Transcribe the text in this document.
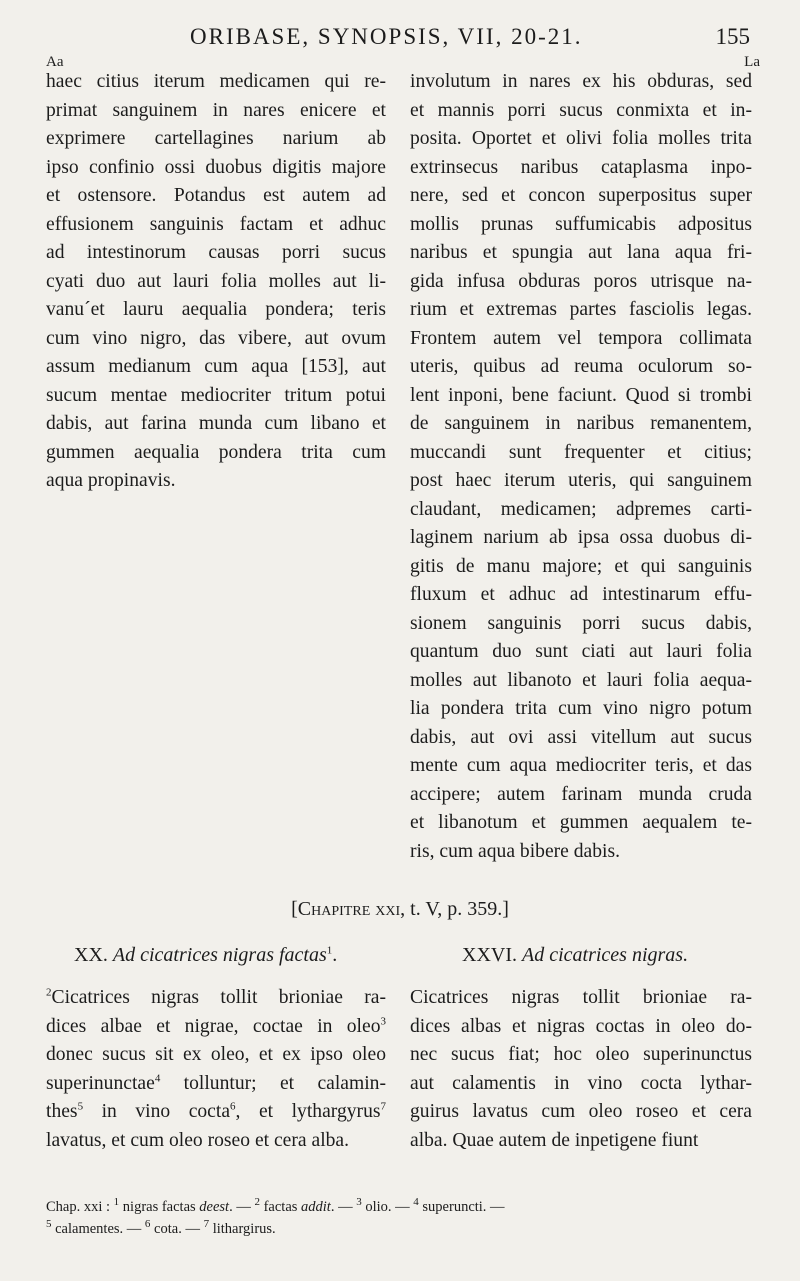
ORIBASE, SYNOPSIS, VII, 20-21.	155
Aa	La
haec citius iterum medicamen qui re-
primat sanguinem in nares enicere et
exprimere cartellagines narium ab
ipso confinio ossi duobus digitis majore
et ostensore. Potandus est autem ad
effusionem sanguinis factam et adhuc
ad intestinorum causas porri sucus
cyati duo aut lauri folia molles aut li-
vanu´et lauru aequalia pondera; teris
cum vino nigro, das vibere, aut ovum
assum medianum cum aqua [153], aut
sucum mentae mediocriter tritum potui
dabis, aut farina munda cum libano et
gummen aequalia pondera trita cum
aqua propinavis.
involutum in nares ex his obduras, sed
et mannis porri sucus conmixta et in-
posita. Oportet et olivi folia molles trita
extrinsecus naribus cataplasma inpo-
nere, sed et concon superpositus super
mollis prunas suffumicabis adpositus
naribus et spungia aut lana aqua fri-
gida infusa obduras poros utrisque na-
rium et extremas partes fasciolis legas.
Frontem autem vel tempora collimata
uteris, quibus ad reuma oculorum so-
lent inponi, bene faciunt. Quod si trombi
de sanguinem in naribus remanentem,
muccandi sunt frequenter et citius;
post haec iterum uteris, qui sanguinem
claudant, medicamen; adpremes carti-
laginem narium ab ipsa ossa duobus di-
gitis de manu majore; et qui sanguinis
fluxum et adhuc ad intestinarum effu-
sionem sanguinis porri sucus dabis,
quantum duo sunt ciati aut lauri folia
molles aut libanoto et lauri folia aequa-
lia pondera trita cum vino nigro potum
dabis, aut ovi assi vitellum aut sucus
mente cum aqua mediocriter teris, et das
accipere; autem farinam munda cruda
et libanotum et gummen aequalem te-
ris, cum aqua bibere dabis.
[Chapitre xxi, t. V, p. 359.]
XX. Ad cicatrices nigras factas$^1$.	XXVI. Ad cicatrices nigras.
$^2$Cicatrices nigras tollit brioniae ra-
dices albae et nigrae, coctae in oleo$^3$
donec sucus sit ex oleo, et ex ipso oleo
superinunctae$^4$ tolluntur; et calamin-
thes$^5$ in vino cocta$^6$, et lythargyrus$^7$
lavatus, et cum oleo roseo et cera alba.
Cicatrices nigras tollit brioniae ra-
dices albas et nigras coctas in oleo do-
nec sucus fiat; hoc oleo superinunctus
aut calamentis in vino cocta lythar-
guirus lavatus cum oleo roseo et cera
alba. Quae autem de inpetigene fiunt
Chap. xxi : $^1$ nigras factas deest. — $^2$ factas addit. — $^3$ olio. — $^4$ superuncti. —
$^5$ calamentes. — $^6$ cota. — $^7$ lithargirus.
